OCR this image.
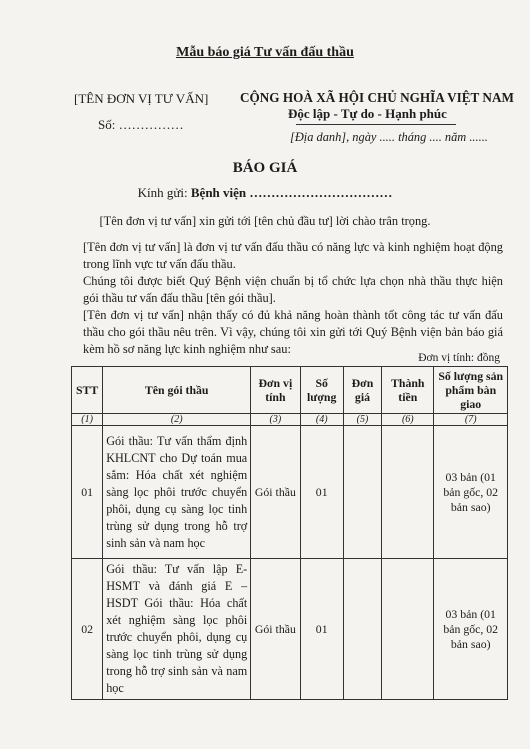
Mẫu báo giá Tư vấn đấu thầu
[TÊN ĐƠN VỊ TƯ VẤN]
Số: ……………
CỘNG HOÀ XÃ HỘI CHỦ NGHĨA VIỆT NAM
Độc lập - Tự do - Hạnh phúc
[Địa danh], ngày ..... tháng .... năm ......
BÁO GIÁ
Kính gửi: Bệnh viện ……………………………
[Tên đơn vị tư vấn] xin gửi tới [tên chủ đầu tư] lời chào trân trọng.
[Tên đơn vị tư vấn] là đơn vị tư vấn đấu thầu có năng lực và kinh nghiệm hoạt động trong lĩnh vực tư vấn đấu thầu.
Chúng tôi được biết Quý Bệnh viện chuẩn bị tổ chức lựa chọn nhà thầu thực hiện gói thầu tư vấn đấu thầu [tên gói thầu].
[Tên đơn vị tư vấn] nhận thấy có đủ khả năng hoàn thành tốt công tác tư vấn đấu thầu cho gói thầu nêu trên. Vì vậy, chúng tôi xin gửi tới Quý Bệnh viện bản báo giá kèm hồ sơ năng lực kinh nghiệm như sau:
Đơn vị tính: đồng
STT	Tên gói thầu	Đơn vị tính	Số lượng	Đơn giá	Thành tiền	Số lượng sản phẩm bàn giao
(1)	(2)	(3)	(4)	(5)	(6)	(7)
01	Gói thầu: Tư vấn thẩm định KHLCNT cho Dự toán mua sắm: Hóa chất xét nghiệm sàng lọc phôi trước chuyển phôi, dụng cụ sàng lọc tinh trùng sử dụng trong hỗ trợ sinh sản và nam học	Gói thầu	01			03 bản (01 bản gốc, 02 bản sao)
02	Gói thầu: Tư vấn lập E-HSMT và đánh giá E – HSDT Gói thầu: Hóa chất xét nghiệm sàng lọc phôi trước chuyển phôi, dụng cụ sàng lọc tinh trùng sử dụng trong hỗ trợ sinh sản và nam học	Gói thầu	01			03 bản (01 bản gốc, 02 bản sao)
